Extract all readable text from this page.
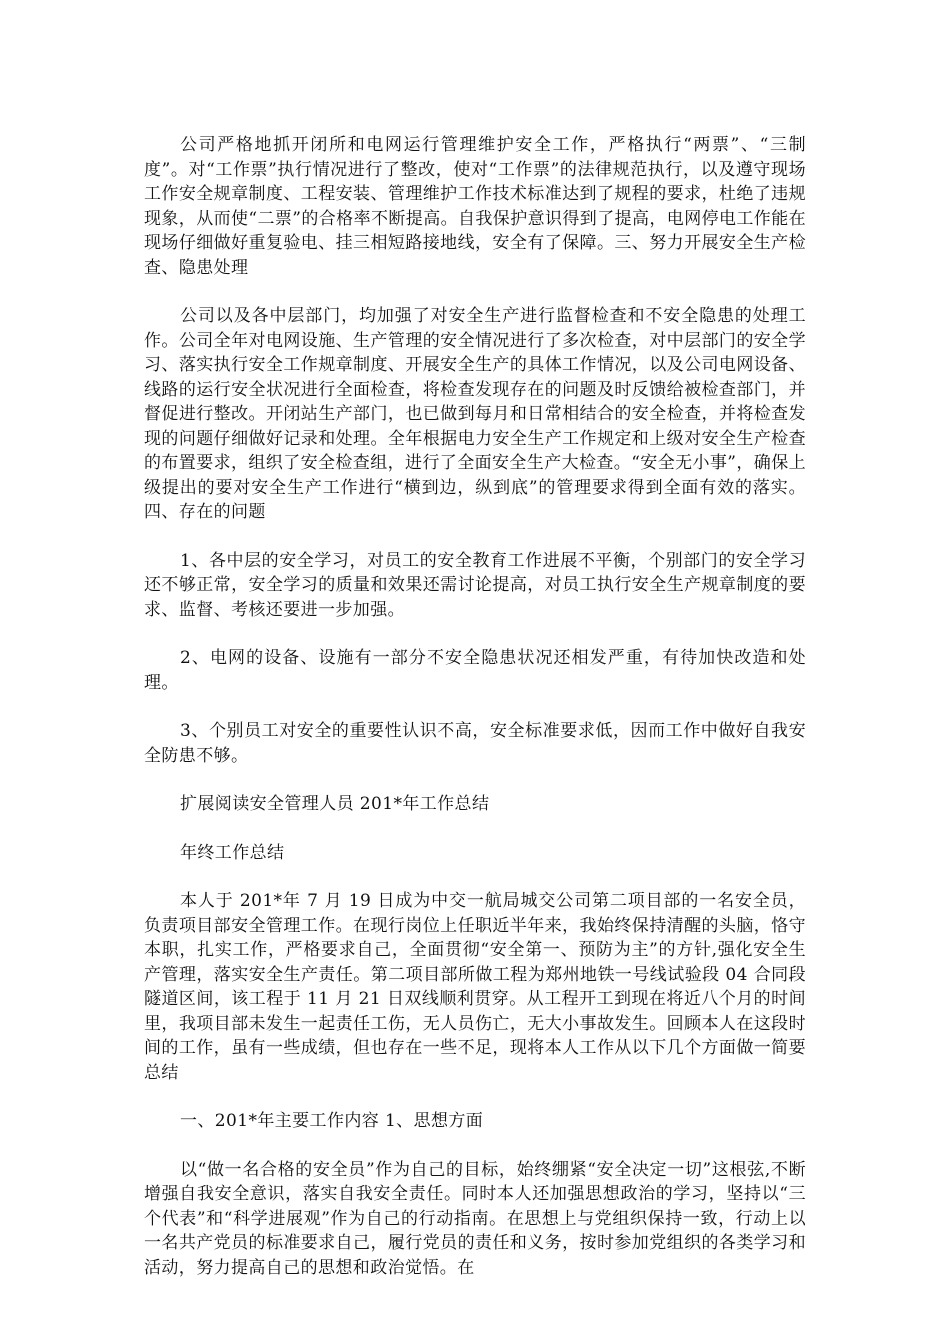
公司严格地抓开闭所和电网运行管理维护安全工作，严格执行“两票”、“三制度”。对“工作票”执行情况进行了整改，使对“工作票”的法律规范执行，以及遵守现场工作安全规章制度、工程安装、管理维护工作技术标准达到了规程的要求，杜绝了违规现象，从而使“二票”的合格率不断提高。自我保护意识得到了提高，电网停电工作能在现场仔细做好重复验电、挂三相短路接地线，安全有了保障。三、努力开展安全生产检查、隐患处理

公司以及各中层部门，均加强了对安全生产进行监督检查和不安全隐患的处理工作。公司全年对电网设施、生产管理的安全情况进行了多次检查，对中层部门的安全学习、落实执行安全工作规章制度、开展安全生产的具体工作情况，以及公司电网设备、线路的运行安全状况进行全面检查，将检查发现存在的问题及时反馈给被检查部门，并督促进行整改。开闭站生产部门，也已做到每月和日常相结合的安全检查，并将检查发现的问题仔细做好记录和处理。全年根据电力安全生产工作规定和上级对安全生产检查的布置要求，组织了安全检查组，进行了全面安全生产大检查。“安全无小事”，确保上级提出的要对安全生产工作进行“横到边，纵到底”的管理要求得到全面有效的落实。四、存在的问题

1、各中层的安全学习，对员工的安全教育工作进展不平衡，个别部门的安全学习还不够正常，安全学习的质量和效果还需讨论提高，对员工执行安全生产规章制度的要求、监督、考核还要进一步加强。

2、电网的设备、设施有一部分不安全隐患状况还相发严重，有待加快改造和处理。

3、个别员工对安全的重要性认识不高，安全标准要求低，因而工作中做好自我安全防患不够。

扩展阅读安全管理人员 201*年工作总结

年终工作总结

本人于 201*年 7 月 19 日成为中交一航局城交公司第二项目部的一名安全员，负责项目部安全管理工作。在现行岗位上任职近半年来，我始终保持清醒的头脑，恪守本职，扎实工作，严格要求自己，全面贯彻“安全第一、预防为主”的方针,强化安全生产管理，落实安全生产责任。第二项目部所做工程为郑州地铁一号线试验段 04 合同段隧道区间，该工程于 11 月 21 日双线顺利贯穿。从工程开工到现在将近八个月的时间里，我项目部未发生一起责任工伤，无人员伤亡，无大小事故发生。回顾本人在这段时间的工作，虽有一些成绩，但也存在一些不足，现将本人工作从以下几个方面做一简要总结

一、201*年主要工作内容 1、思想方面

以“做一名合格的安全员”作为自己的目标，始终绷紧“安全决定一切”这根弦,不断增强自我安全意识，落实自我安全责任。同时本人还加强思想政治的学习，坚持以“三个代表”和“科学进展观”作为自己的行动指南。在思想上与党组织保持一致，行动上以一名共产党员的标准要求自己，履行党员的责任和义务，按时参加党组织的各类学习和活动，努力提高自己的思想和政治觉悟。在
